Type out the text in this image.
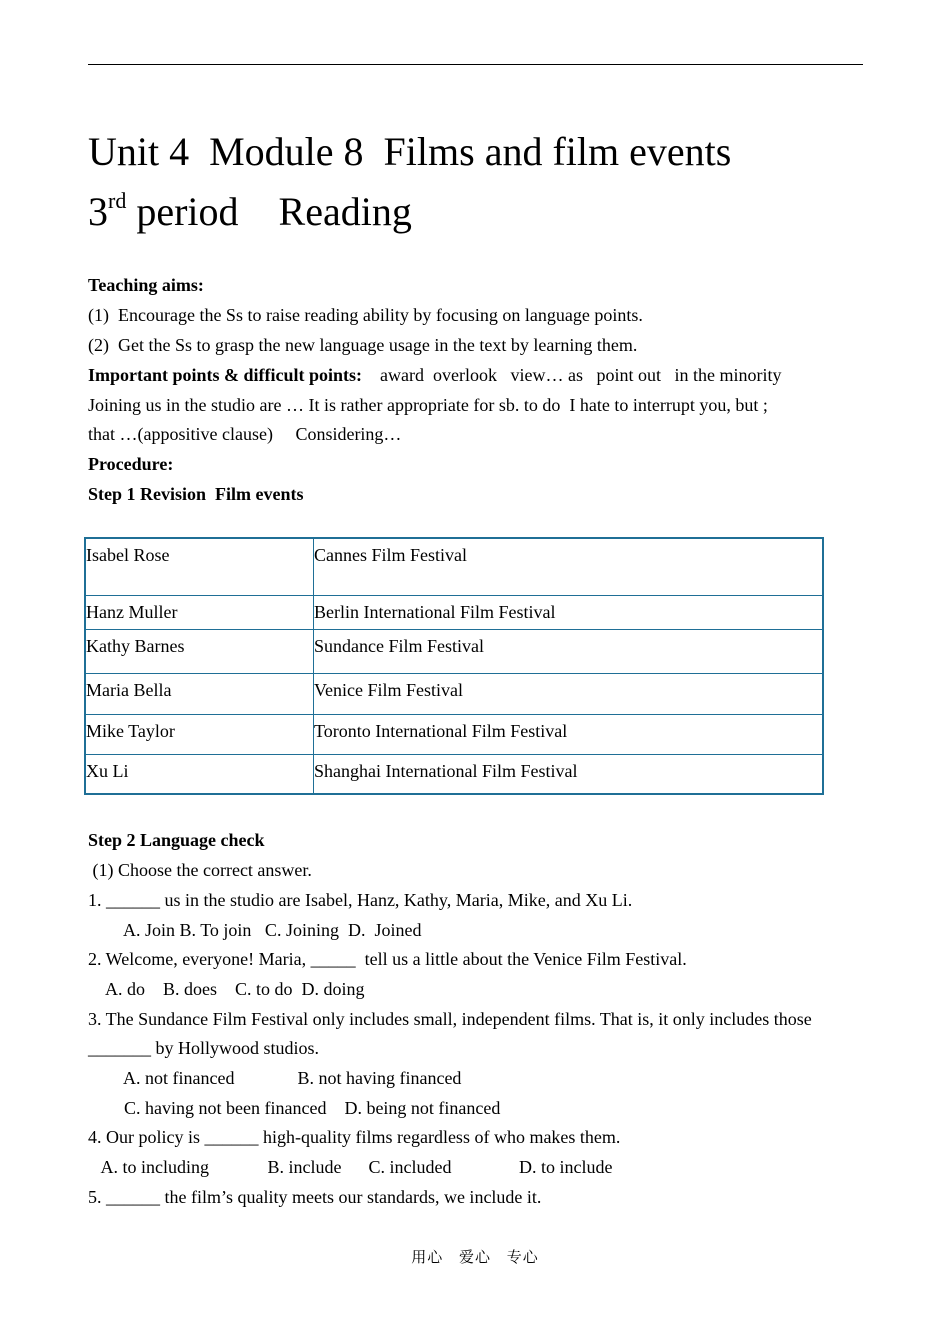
Unit 4  Module 8  Films and film events
3rd period    Reading
Teaching aims:
(1)  Encourage the Ss to raise reading ability by focusing on language points.
(2)  Get the Ss to grasp the new language usage in the text by learning them.
Important points & difficult points:    award  overlook   view… as   point out   in the minority
Joining us in the studio are … It is rather appropriate for sb. to do  I hate to interrupt you, but ;
that …(appositive clause)     Considering…
Procedure:
Step 1 Revision  Film events
Isabel Rose	Cannes Film Festival
Hanz Muller	Berlin International Film Festival
Kathy Barnes	Sundance Film Festival
Maria Bella	Venice Film Festival
Mike Taylor	Toronto International Film Festival
Xu Li	Shanghai International Film Festival
Step 2 Language check
(1) Choose the correct answer.
1. ______ us in the studio are Isabel, Hanz, Kathy, Maria, Mike, and Xu Li.
A. Join B. To join   C. Joining  D.  Joined
2. Welcome, everyone! Maria, _____  tell us a little about the Venice Film Festival.
A. do    B. does    C. to do  D. doing
3. The Sundance Film Festival only includes small, independent films. That is, it only includes those
_______ by Hollywood studios.
A. not financed              B. not having financed
C. having not been financed    D. being not financed
4. Our policy is ______ high-quality films regardless of who makes them.
A. to including             B. include      C. included               D. to include
5. ______ the film’s quality meets our standards, we include it.
用心 爱心 专心
